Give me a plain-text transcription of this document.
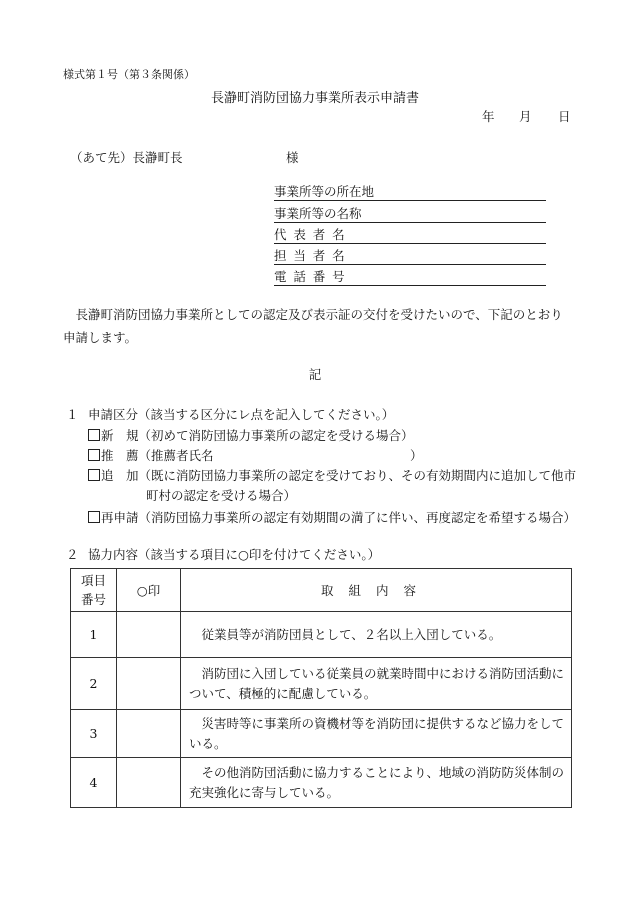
様式第１号（第３条関係）
長瀞町消防団協力事業所表示申請書
年 月 日
（あて先）長瀞町長	様
事業所等の所在地
事業所等の名称
代表者名
担当者名
電話番号
長瀞町消防団協力事業所としての認定及び表示証の交付を受けたいので、下記のとおり申請します。
記
１ 申請区分（該当する区分にレ点を記入してください。）
新　規（初めて消防団協力事業所の認定を受ける場合）
推　薦（推薦者氏名	）
追　加（既に消防団協力事業所の認定を受けており、その有効期間内に追加して他市
町村の認定を受ける場合）
再申請（消防団協力事業所の認定有効期間の満了に伴い、再度認定を希望する場合）
２ 協力内容（該当する項目に○印を付けてください。）
項目
番号	○印	取組内容
1		従業員等が消防団員として、２名以上入団している。
2		消防団に入団している従業員の就業時間中における消防団活動について、積極的に配慮している。
3		災害時等に事業所の資機材等を消防団に提供するなど協力をしている。
4		その他消防団活動に協力することにより、地域の消防防災体制の充実強化に寄与している。
